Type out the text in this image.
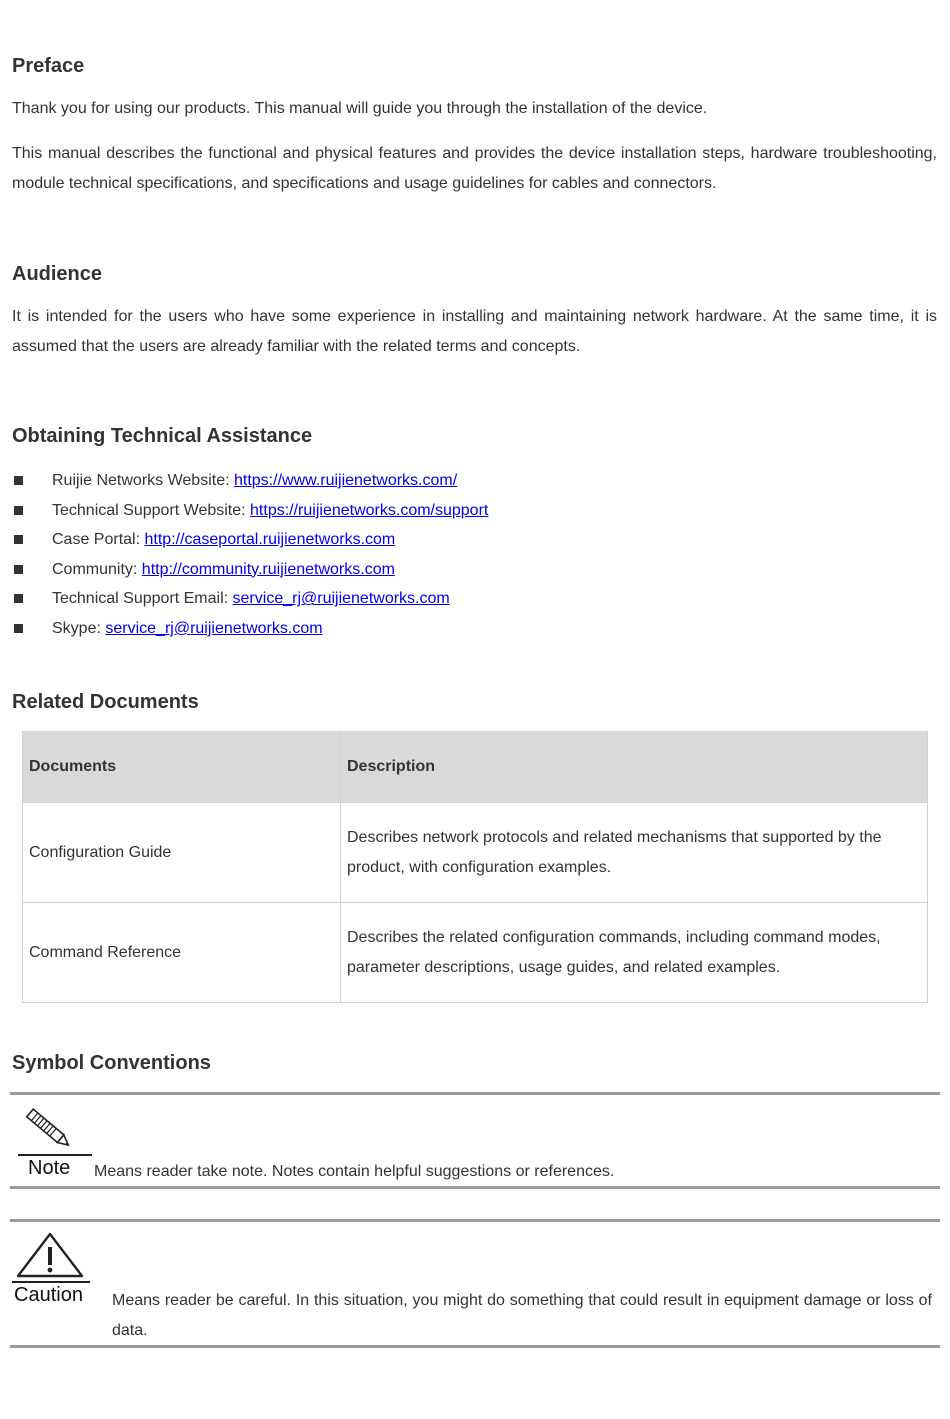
Preface

Thank you for using our products. This manual will guide you through the installation of the device.

This manual describes the functional and physical features and provides the device installation steps, hardware troubleshooting, module technical specifications, and specifications and usage guidelines for cables and connectors.

Audience

It is intended for the users who have some experience in installing and maintaining network hardware. At the same time, it is assumed that the users are already familiar with the related terms and concepts.

Obtaining Technical Assistance
Ruijie Networks Website: https://www.ruijienetworks.com/
Technical Support Website: https://ruijienetworks.com/support
Case Portal: http://caseportal.ruijienetworks.com
Community: http://community.ruijienetworks.com
Technical Support Email: service_rj@ruijienetworks.com
Skype: service_rj@ruijienetworks.com
Related Documents
Documents	Description
Configuration Guide	Describes network protocols and related mechanisms that supported by the product, with configuration examples.
Command Reference	Describes the related configuration commands, including command modes, parameter descriptions, usage guides, and related examples.
Symbol Conventions
Note Means reader take note. Notes contain helpful suggestions or references.
Caution Means reader be careful. In this situation, you might do something that could result in equipment damage or loss of data.
